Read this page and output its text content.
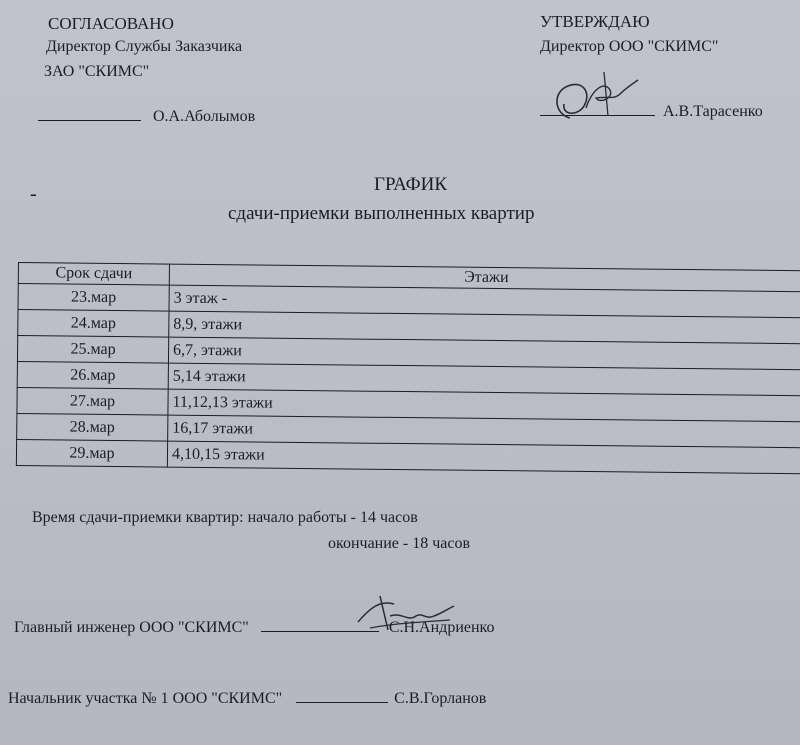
СОГЛАСОВАНО
Директор Службы Заказчика
ЗАО "СКИМС"
О.А.Аболымов
УТВЕРЖДАЮ
Директор ООО "СКИМС"
А.В.Тарасенко
-	ГРАФИК
сдачи-приемки выполненных квартир
Срок сдачи	Этажи
23.мар	3 этаж -
24.мар	8,9, этажи
25.мар	6,7, этажи
26.мар	5,14 этажи
27.мар	11,12,13 этажи
28.мар	16,17 этажи
29.мар	4,10,15 этажи
Время сдачи-приемки квартир: начало работы - 14 часов
окончание - 18 часов
Главный инженер ООО "СКИМС"	С.Н.Андриенко
Начальник участка № 1 ООО "СКИМС"	С.В.Горланов
